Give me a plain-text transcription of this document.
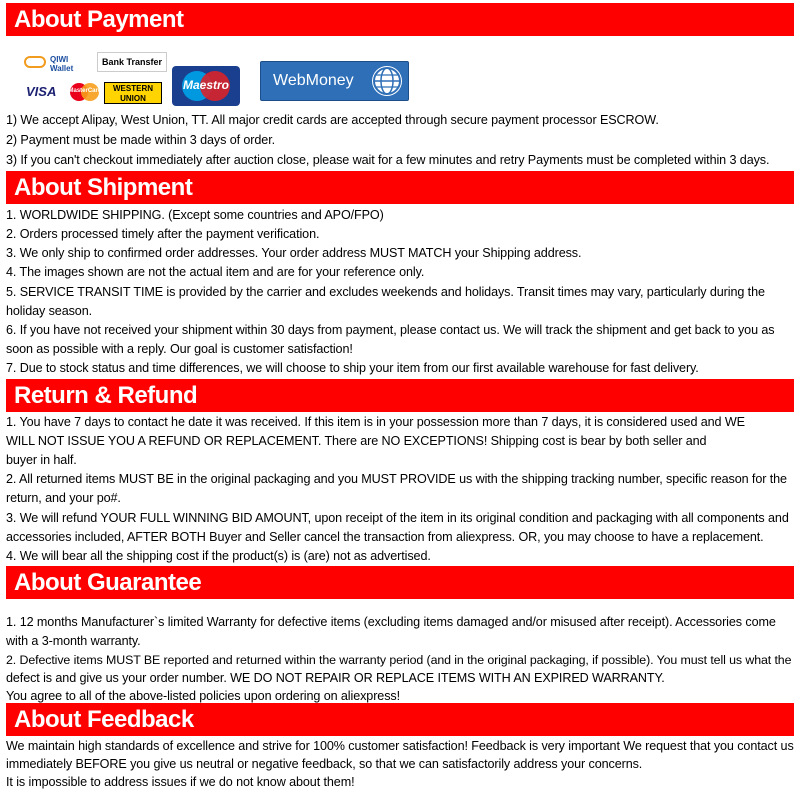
About Payment
QIWI Wallet
Bank Transfer
VISA	MasterCard	WESTERN UNION
Maestro	WebMoney
1) We accept Alipay, West Union, TT. All major credit cards are accepted through secure payment processor ESCROW.
2) Payment must be made within 3 days of order.
3) If you can't checkout immediately after auction close, please wait for a few minutes and retry Payments must be completed within 3 days.
About Shipment
1. WORLDWIDE SHIPPING. (Except some countries and APO/FPO)
2. Orders processed timely after the payment verification.
3. We only ship to confirmed order addresses. Your order address MUST MATCH your Shipping address.
4. The images shown are not the actual item and are for your reference only.
5. SERVICE TRANSIT TIME is provided by the carrier and excludes weekends and holidays. Transit times may vary, particularly during the
holiday season.
6. If you have not received your shipment within 30 days from payment, please contact us. We will track the shipment and get back to you as
soon as possible with a reply. Our goal is customer satisfaction!
7. Due to stock status and time differences, we will choose to ship your item from our first available warehouse for fast delivery.
Return & Refund
1. You have 7 days to contact he date it was received. If this item is in your possession more than 7 days, it is considered used and WE
WILL NOT ISSUE YOU A REFUND OR REPLACEMENT. There are NO EXCEPTIONS! Shipping cost is bear by both seller and
buyer in half.
2. All returned items MUST BE in the original packaging and you MUST PROVIDE us with the shipping tracking number, specific reason for the
return, and your po#.
3. We will refund YOUR FULL WINNING BID AMOUNT, upon receipt of the item in its original condition and packaging with all components and
accessories included, AFTER BOTH Buyer and Seller cancel the transaction from aliexpress. OR, you may choose to have a replacement.
4. We will bear all the shipping cost if the product(s) is (are) not as advertised.
About Guarantee
1. 12 months Manufacturer`s limited Warranty for defective items (excluding items damaged and/or misused after receipt). Accessories come
with a 3-month warranty.
2. Defective items MUST BE reported and returned within the warranty period (and in the original packaging, if possible). You must tell us what the
defect is and give us your order number. WE DO NOT REPAIR OR REPLACE ITEMS WITH AN EXPIRED WARRANTY.
You agree to all of the above-listed policies upon ordering on aliexpress!
About Feedback
We maintain high standards of excellence and strive for 100% customer satisfaction! Feedback is very important We request that you contact us
immediately BEFORE you give us neutral or negative feedback, so that we can satisfactorily address your concerns.
It is impossible to address issues if we do not know about them!
